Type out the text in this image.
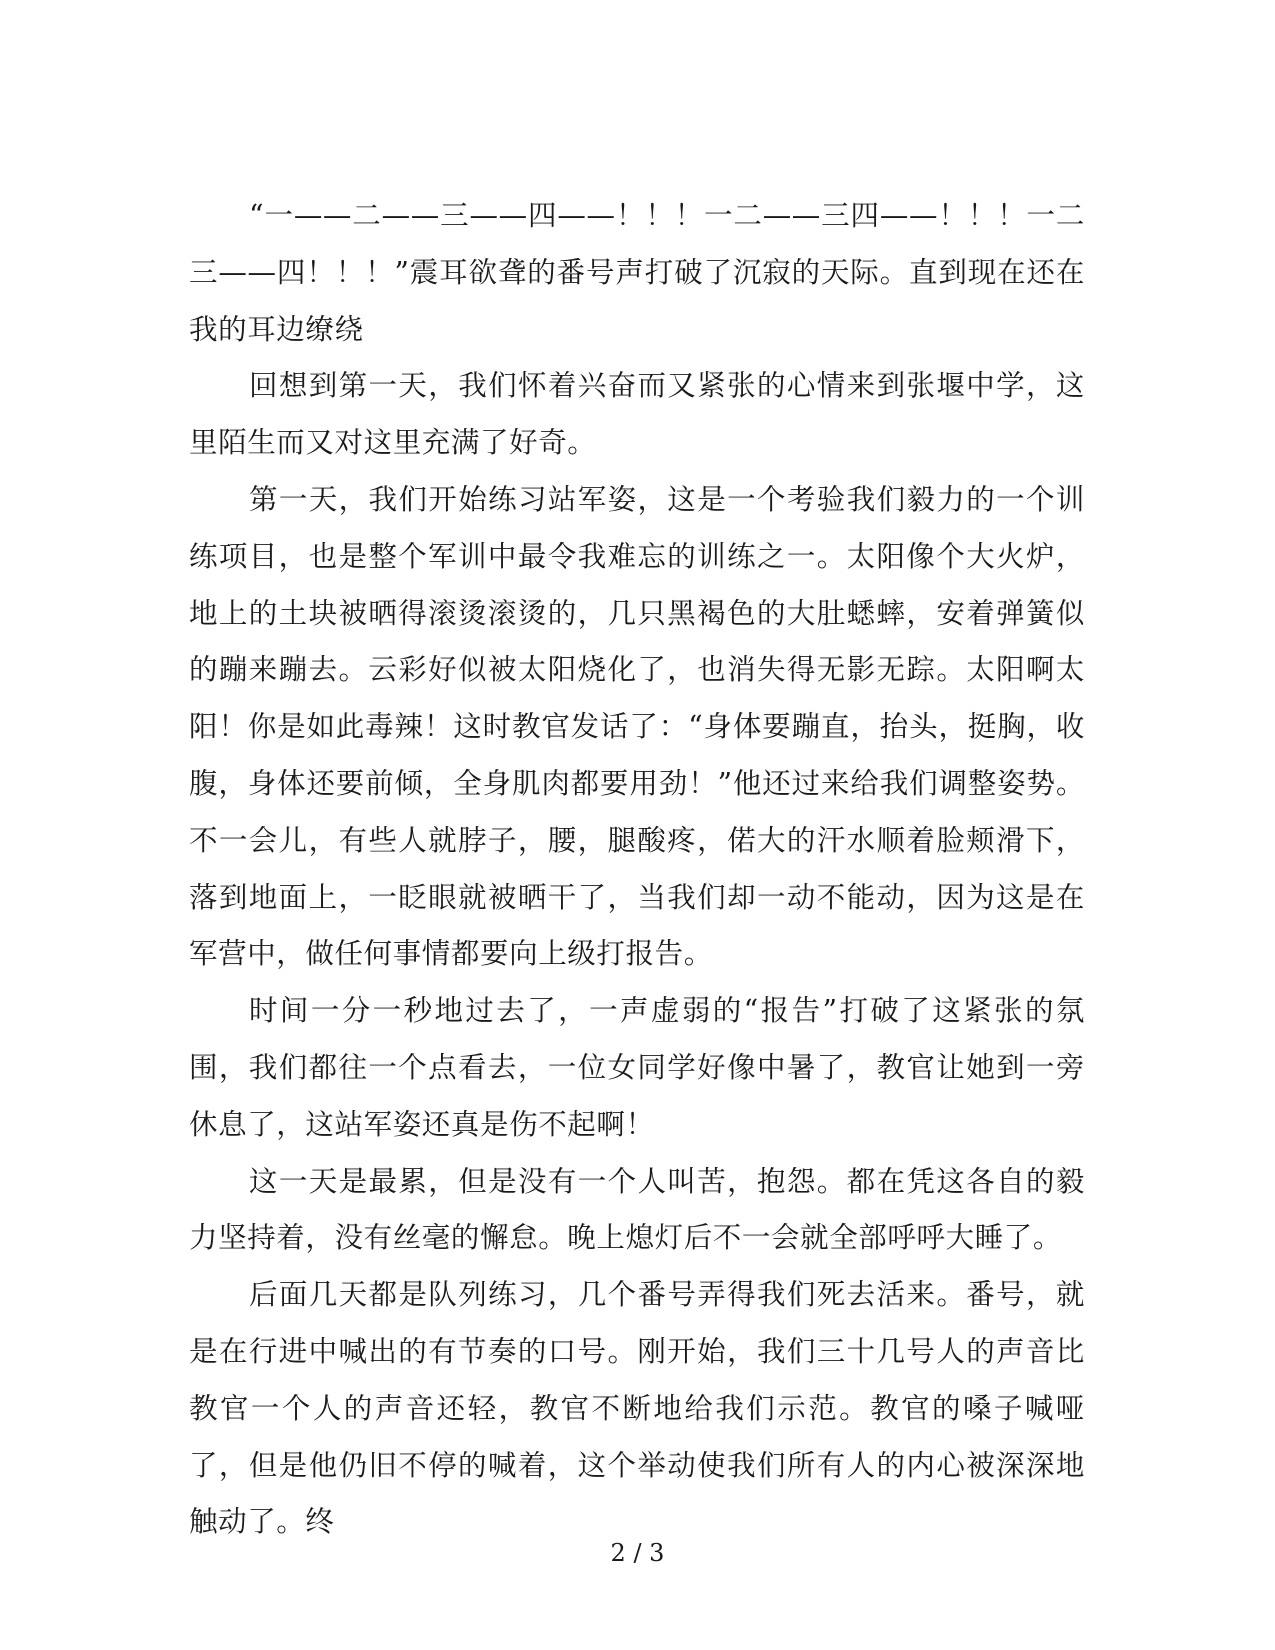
“一——二——三——四——！！！一二——三四——！！！一二三——四！！！”震耳欲聋的番号声打破了沉寂的天际。直到现在还在我的耳边缭绕

回想到第一天，我们怀着兴奋而又紧张的心情来到张堰中学，这里陌生而又对这里充满了好奇。

第一天，我们开始练习站军姿，这是一个考验我们毅力的一个训练项目，也是整个军训中最令我难忘的训练之一。太阳像个大火炉，地上的土块被晒得滚烫滚烫的，几只黑褐色的大肚蟋蟀，安着弹簧似的蹦来蹦去。云彩好似被太阳烧化了，也消失得无影无踪。太阳啊太阳！你是如此毒辣！这时教官发话了：“身体要蹦直，抬头，挺胸，收腹，身体还要前倾，全身肌肉都要用劲！”他还过来给我们调整姿势。不一会儿，有些人就脖子，腰，腿酸疼，偌大的汗水顺着脸颊滑下，落到地面上，一眨眼就被晒干了，当我们却一动不能动，因为这是在军营中，做任何事情都要向上级打报告。

时间一分一秒地过去了，一声虚弱的“报告”打破了这紧张的氛围，我们都往一个点看去，一位女同学好像中暑了，教官让她到一旁休息了，这站军姿还真是伤不起啊！

这一天是最累，但是没有一个人叫苦，抱怨。都在凭这各自的毅力坚持着，没有丝毫的懈怠。晚上熄灯后不一会就全部呼呼大睡了。

后面几天都是队列练习，几个番号弄得我们死去活来。番号，就是在行进中喊出的有节奏的口号。刚开始，我们三十几号人的声音比教官一个人的声音还轻，教官不断地给我们示范。教官的嗓子喊哑了，但是他仍旧不停的喊着，这个举动使我们所有人的内心被深深地触动了。终

2 / 3
